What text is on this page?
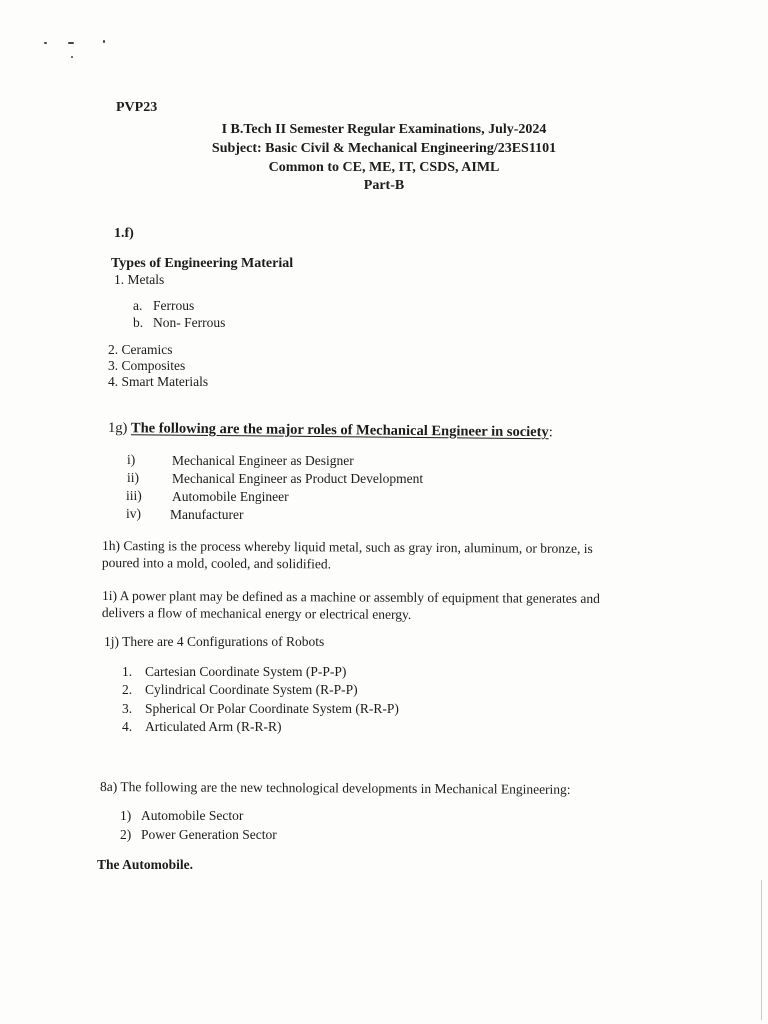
PVP23
I B.Tech II Semester Regular Examinations, July-2024
Subject: Basic Civil & Mechanical Engineering/23ES1101
Common to CE, ME, IT, CSDS, AIML
Part-B
1.f)
Types of Engineering Material
1. Metals
a. Ferrous
b. Non- Ferrous
2. Ceramics
3. Composites
4. Smart Materials
1g) The following are the major roles of Mechanical Engineer in society:
i)	Mechanical Engineer as Designer
ii) Mechanical Engineer as Product Development
iii) Automobile Engineer
iv) Manufacturer
1h) Casting is the process whereby liquid metal, such as gray iron, aluminum, or bronze, is
poured into a mold, cooled, and solidified.
1i) A power plant may be defined as a machine or assembly of equipment that generates and
delivers a flow of mechanical energy or electrical energy.
1j) There are 4 Configurations of Robots
1. Cartesian Coordinate System (P-P-P)
2. Cylindrical Coordinate System (R-P-P)
3. Spherical Or Polar Coordinate System (R-R-P)
4. Articulated Arm (R-R-R)
8a) The following are the new technological developments in Mechanical Engineering:
1) Automobile Sector
2) Power Generation Sector
The Automobile.
